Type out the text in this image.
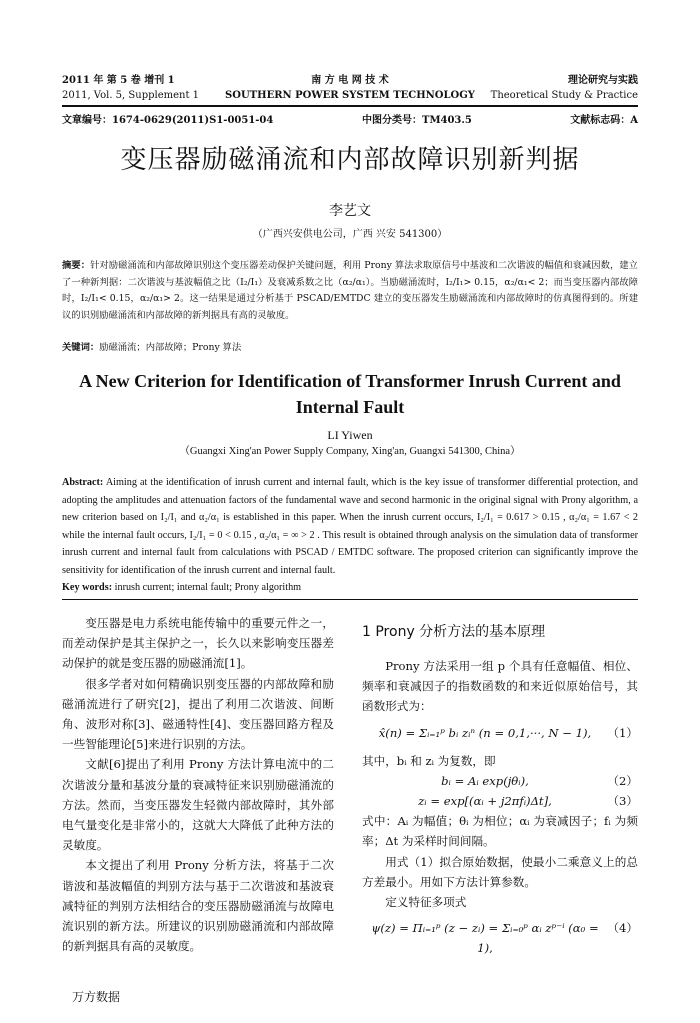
2011 年 第 5 卷 增刊 1
2011, Vol. 5, Supplement 1
南 方 电 网 技 术
SOUTHERN POWER SYSTEM TECHNOLOGY
理论研究与实践
Theoretical Study & Practice
文章编号：1674-0629(2011)S1-0051-04	中图分类号：TM403.5	文献标志码：A
变压器励磁涌流和内部故障识别新判据
李艺文
（广西兴安供电公司，广西 兴安 541300）
摘要：针对励磁涌流和内部故障识别这个变压器差动保护关键问题，利用 Prony 算法求取原信号中基波和二次谐波的幅值和衰减因数，建立了一种新判据：二次谐波与基波幅值之比（I₂/I₁）及衰减系数之比（α₂/α₁）。当励磁涌流时，I₂/I₁> 0.15，α₂/α₁< 2；而当变压器内部故障时，I₂/I₁< 0.15，α₂/α₁> 2。这一结果是通过分析基于 PSCAD/EMTDC 建立的变压器发生励磁涌流和内部故障时的仿真图得到的。所建议的识别励磁涌流和内部故障的新判据具有高的灵敏度。
关键词：励磁涌流；内部故障；Prony 算法
A New Criterion for Identification of Transformer Inrush Current and
Internal Fault
LI Yiwen
（Guangxi Xing'an Power Supply Company, Xing'an, Guangxi 541300, China）
Abstract: Aiming at the identification of inrush current and internal fault, which is the key issue of transformer differential protection, and adopting the amplitudes and attenuation factors of the fundamental wave and second harmonic in the original signal with Prony algorithm, a new criterion based on I₂/I₁ and α₂/α₁ is established in this paper. When the inrush current occurs, I₂/I₁ = 0.617 > 0.15 , α₂/α₁ = 1.67 < 2 while the internal fault occurs, I₂/I₁ = 0 < 0.15 , α₂/α₁ = ∞ > 2 . This result is obtained through analysis on the simulation data of transformer inrush current and internal fault from calculations with PSCAD / EMTDC software. The proposed criterion can significantly improve the sensitivity for identification of the inrush current and internal fault.
Key words: inrush current; internal fault; Prony algorithm

变压器是电力系统电能传输中的重要元件之一，而差动保护是其主保护之一，长久以来影响变压器差动保护的就是变压器的励磁涌流[1]。

很多学者对如何精确识别变压器的内部故障和励磁涌流进行了研究[2]，提出了利用二次谐波、间断角、波形对称[3]、磁通特性[4]、变压器回路方程及一些智能理论[5]来进行识别的方法。

文献[6]提出了利用 Prony 方法计算电流中的二次谐波分量和基波分量的衰减特征来识别励磁涌流的方法。然而，当变压器发生轻微内部故障时，其外部电气量变化是非常小的，这就大大降低了此种方法的灵敏度。

本文提出了利用 Prony 分析方法，将基于二次谐波和基波幅值的判别方法与基于二次谐波和基波衰减特征的判别方法相结合的变压器励磁涌流与故障电流识别的新方法。所建议的识别励磁涌流和内部故障的新判据具有高的灵敏度。

1 Prony 分析方法的基本原理

Prony 方法采用一组 p 个具有任意幅值、相位、频率和衰减因子的指数函数的和来近似原始信号，其函数形式为：

x̂(n) = Σᵢ₌₁ᵖ bᵢ zᵢⁿ (n = 0,1,···, N − 1),	（1）

其中，bᵢ 和 zᵢ 为复数，即

bᵢ = Aᵢ exp(jθᵢ),	（2）
zᵢ = exp[(αᵢ + j2πfᵢ)Δt],	（3）

式中：Aᵢ 为幅值；θᵢ 为相位；αᵢ 为衰减因子；fᵢ 为频率；Δt 为采样时间间隔。

用式（1）拟合原始数据，使最小二乘意义上的总方差最小。用如下方法计算参数。

定义特征多项式

ψ(z) = Πᵢ₌₁ᵖ (z − zᵢ) = Σᵢ₌₀ᵖ αᵢ zᵖ⁻ⁱ (α₀ = 1),
（4）
万方数据
